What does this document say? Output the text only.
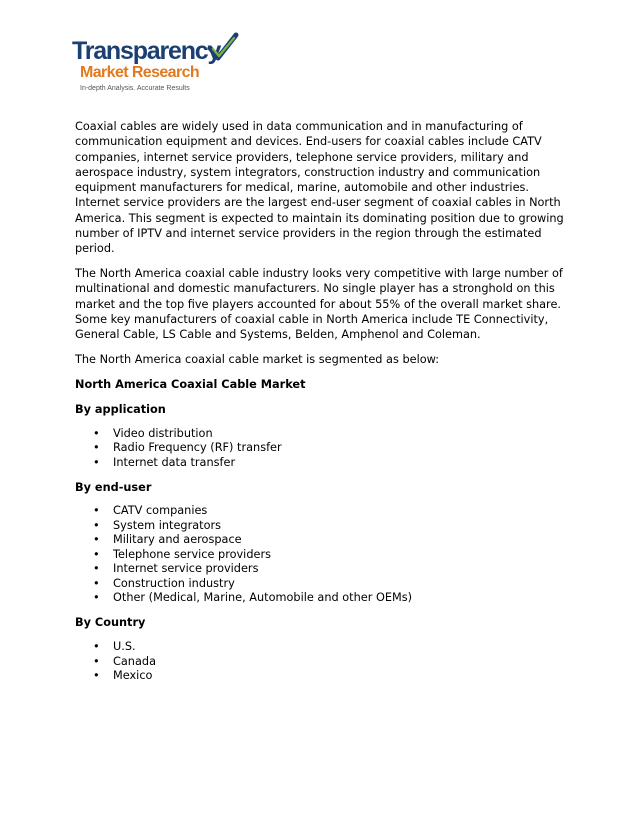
Transparency
Market Research
In-depth Analysis. Accurate Results

Coaxial cables are widely used in data communication and in manufacturing of communication equipment and devices. End-users for coaxial cables include CATV companies, internet service providers, telephone service providers, military and aerospace industry, system integrators, construction industry and communication equipment manufacturers for medical, marine, automobile and other industries. Internet service providers are the largest end-user segment of coaxial cables in North America. This segment is expected to maintain its dominating position due to growing number of IPTV and internet service providers in the region through the estimated period.

The North America coaxial cable industry looks very competitive with large number of multinational and domestic manufacturers. No single player has a stronghold on this market and the top five players accounted for about 55% of the overall market share. Some key manufacturers of coaxial cable in North America include TE Connectivity, General Cable, LS Cable and Systems, Belden, Amphenol and Coleman.

The North America coaxial cable market is segmented as below:

North America Coaxial Cable Market
By application
• Video distribution
• Radio Frequency (RF) transfer
• Internet data transfer
By end-user
• CATV companies
• System integrators
• Military and aerospace
• Telephone service providers
• Internet service providers
• Construction industry
• Other (Medical, Marine, Automobile and other OEMs)
By Country
• U.S.
• Canada
• Mexico
